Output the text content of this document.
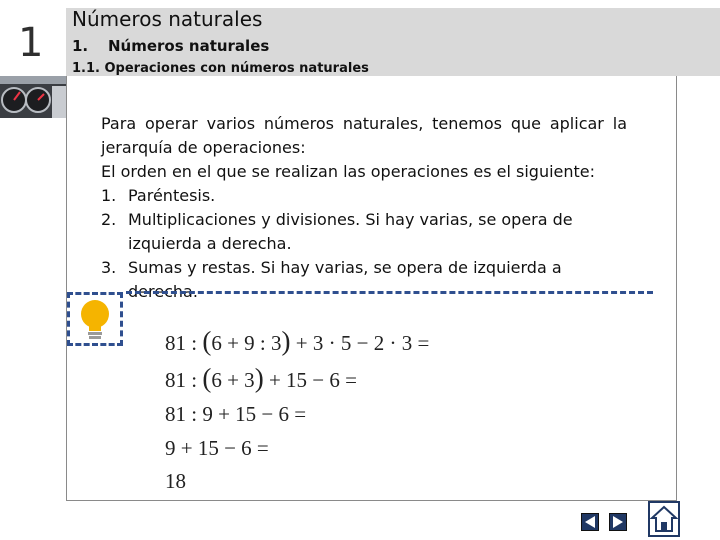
1
Números naturales
1. Números naturales
1.1. Operaciones con números naturales
Para operar varios números naturales, tenemos que aplicar la
jerarquía de operaciones:
El orden en el que se realizan las operaciones es el siguiente:
1. Paréntesis.
2. Multiplicaciones y divisiones. Si hay varias, se opera de
izquierda a derecha.
3. Sumas y restas. Si hay varias, se opera de izquierda a derecha.
81 : (6 + 9 : 3) + 3 · 5 − 2 · 3 =
81 : (6 + 3) + 15 − 6 =
81 : 9 + 15 − 6 =
9 + 15 − 6 =
18
